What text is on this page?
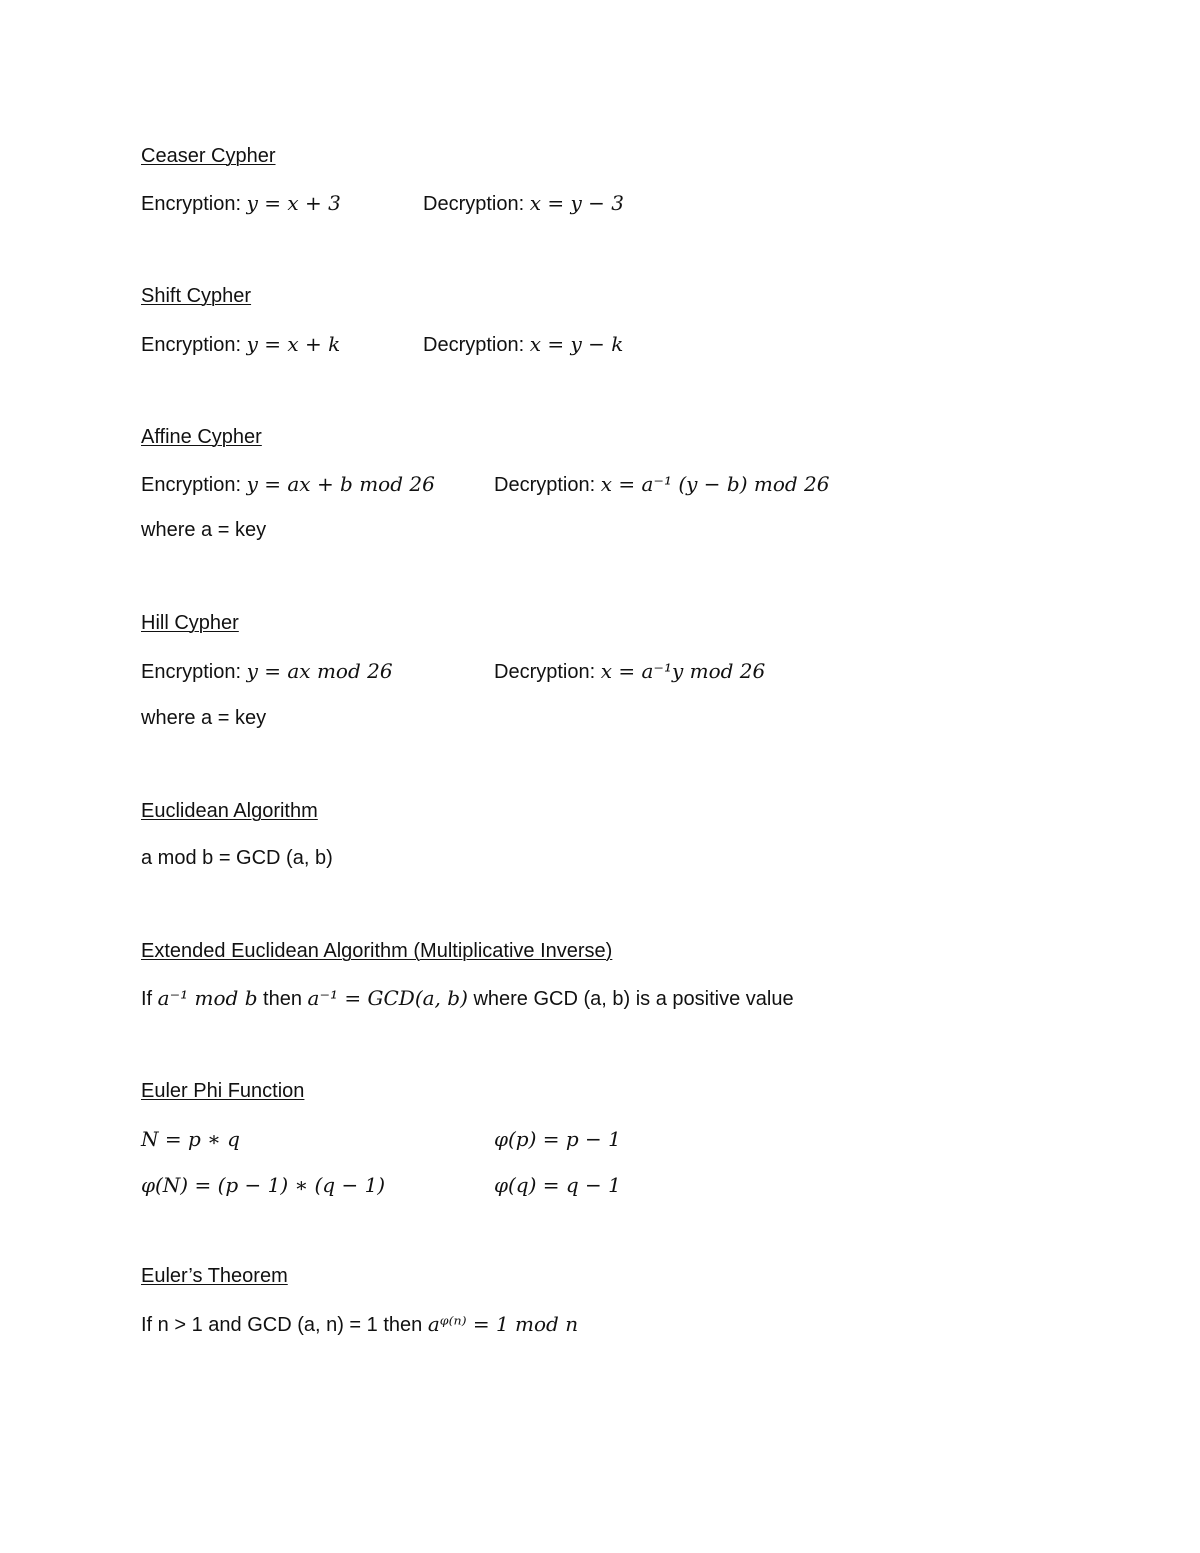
Ceaser Cypher
Encryption: y = x + 3	Decryption: x = y − 3
Shift Cypher
Encryption: y = x + k	Decryption: x = y − k
Affine Cypher
Encryption: y = ax + b mod 26	Decryption: x = a⁻¹ (y − b) mod 26
where a = key
Hill Cypher
Encryption: y = ax mod 26	Decryption: x = a⁻¹y mod 26
where a = key
Euclidean Algorithm
a mod b = GCD (a, b)
Extended Euclidean Algorithm (Multiplicative Inverse)
If a⁻¹ mod b then a⁻¹ = GCD(a, b) where GCD (a, b) is a positive value
Euler Phi Function
N = p ∗ q	φ(p) = p − 1
φ(N) = (p − 1) ∗ (q − 1)	φ(q) = q − 1
Euler’s Theorem
If n > 1 and GCD (a, n) = 1 then aᵠ⁽ⁿ⁾ = 1 mod n
